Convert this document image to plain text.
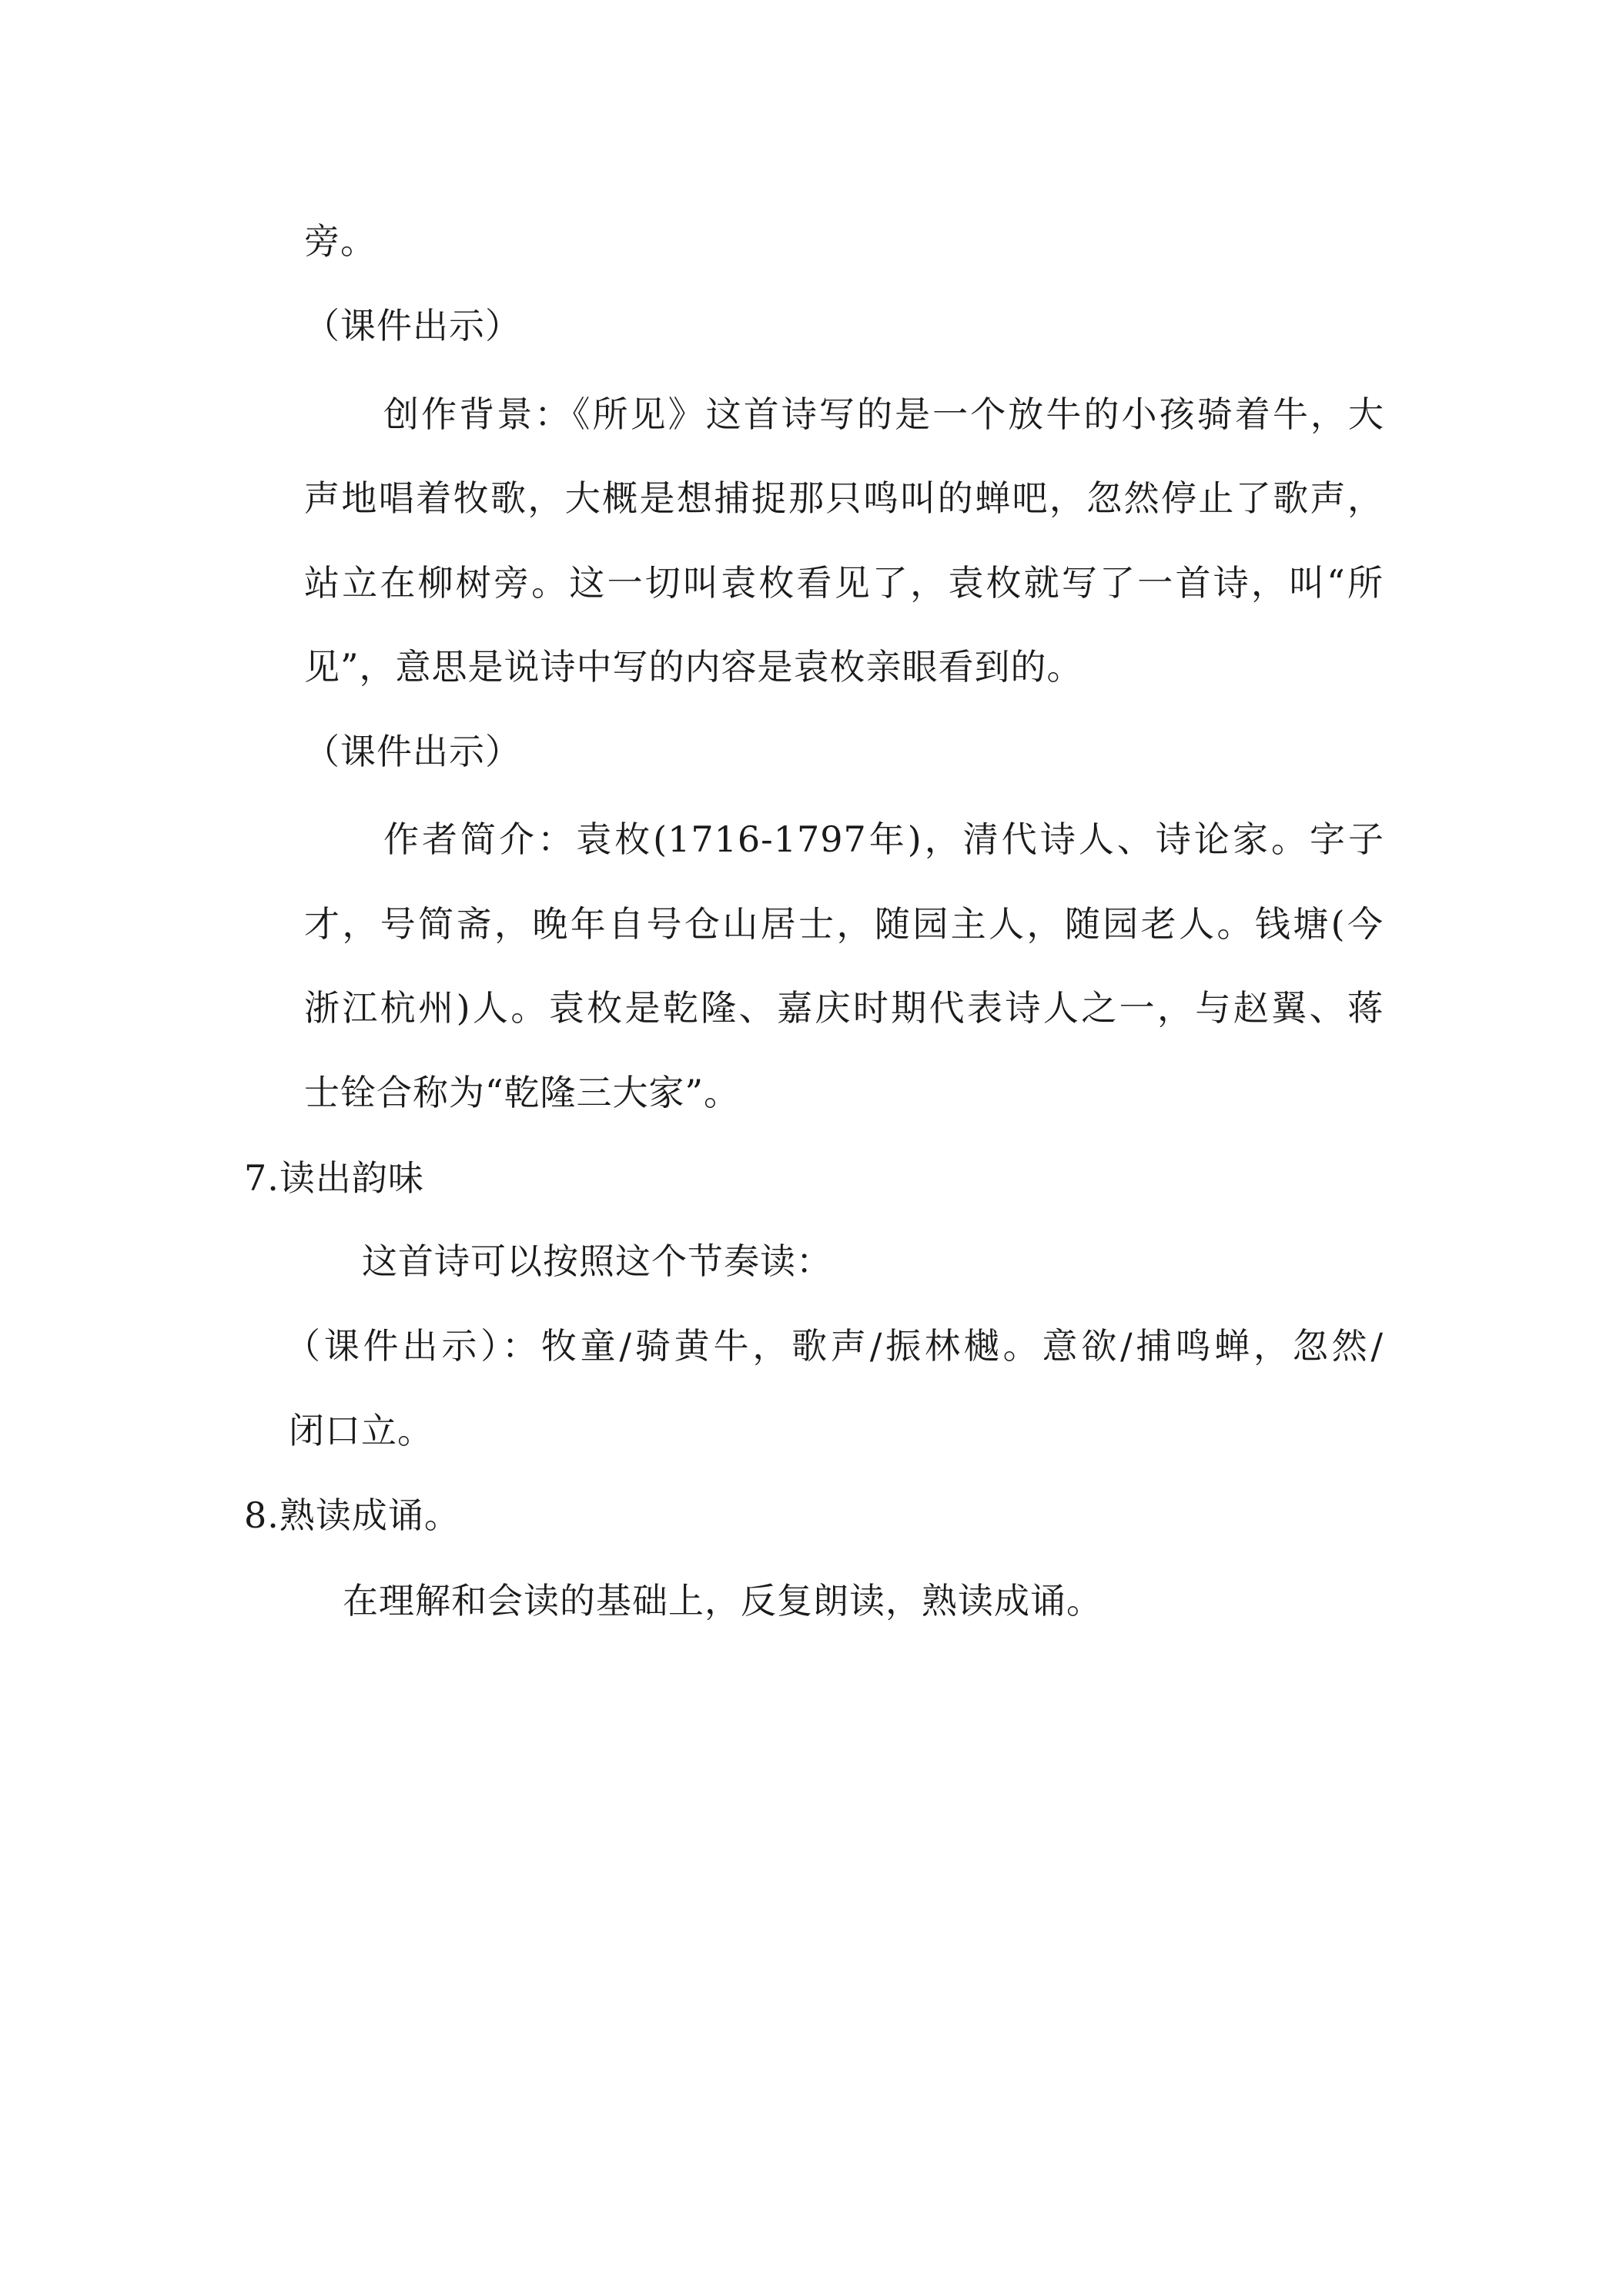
旁。
（课件出示）
创作背景：《所见》这首诗写的是一个放牛的小孩骑着牛，大
声地唱着牧歌，大概是想捕捉那只鸣叫的蝉吧，忽然停止了歌声，
站立在柳树旁。这一切叫袁枚看见了，袁枚就写了一首诗，叫“所
见”，意思是说诗中写的内容是袁枚亲眼看到的。
（课件出示）
作者简介：袁枚(1716-1797年)，清代诗人、诗论家。字子
才，号简斋，晚年自号仓山居士，随园主人，随园老人。钱塘(今
浙江杭州)人。袁枚是乾隆、嘉庆时期代表诗人之一，与赵翼、蒋
士铨合称为“乾隆三大家”。
7.读出韵味
这首诗可以按照这个节奏读：
（课件出示）：牧童/骑黄牛，歌声/振林樾。意欲/捕鸣蝉，忽然/
闭口立。
8.熟读成诵。
在理解和会读的基础上，反复朗读，熟读成诵。
